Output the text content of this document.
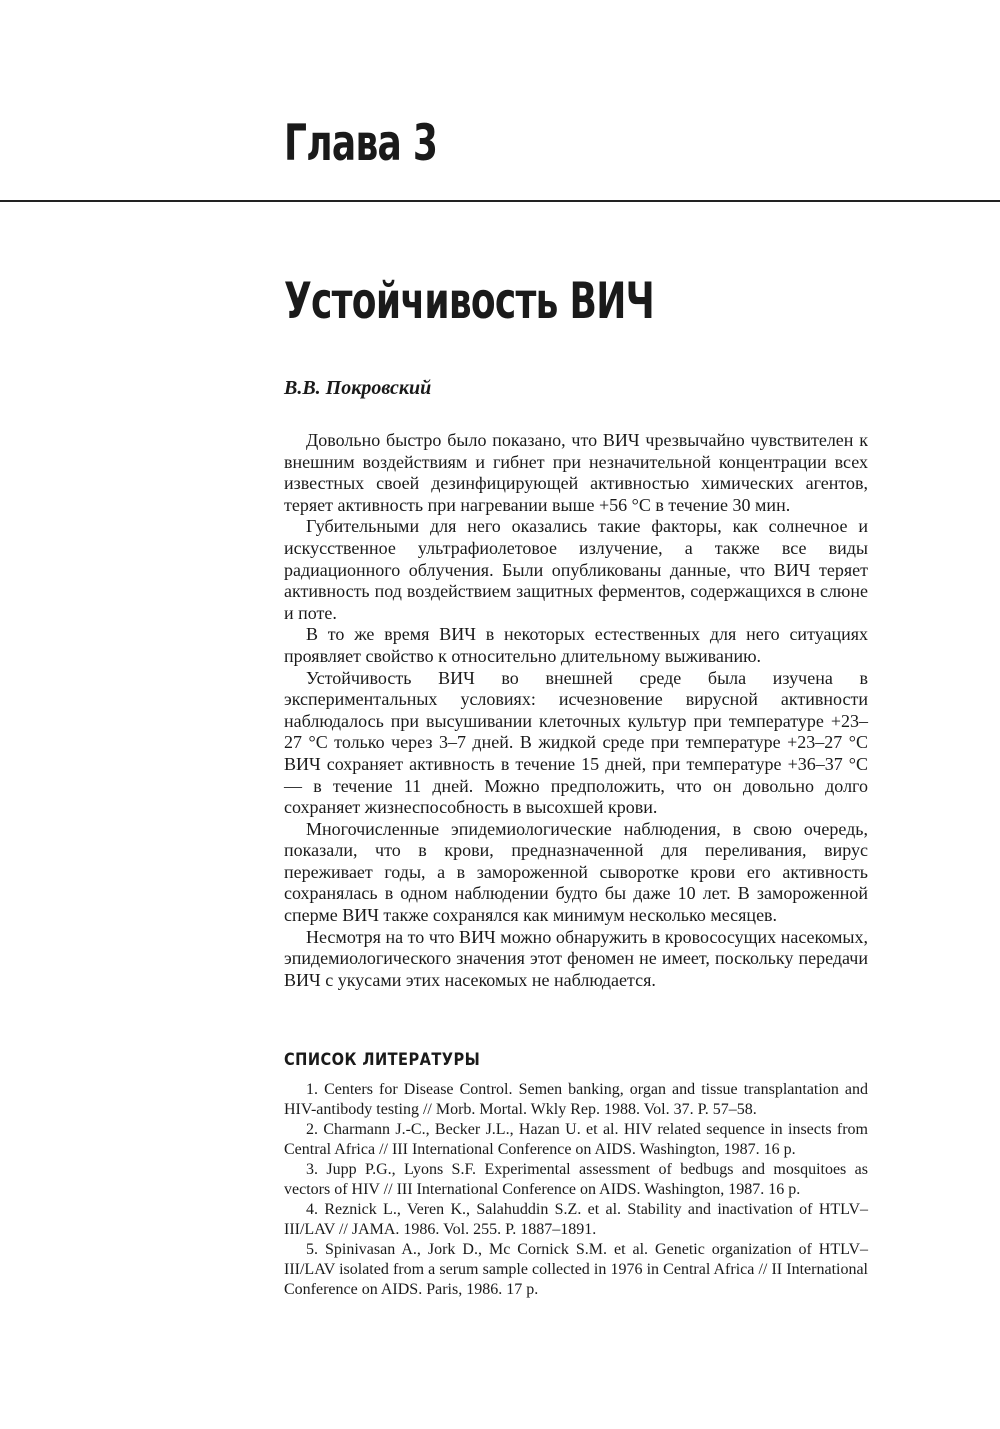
Глава 3
Устойчивость ВИЧ
В.В. Покровский

Довольно быстро было показано, что ВИЧ чрезвычайно чувствителен к внешним воздействиям и гибнет при незначительной концентрации всех известных своей дезинфицирующей активностью химических агентов, теряет активность при нагревании выше +56 °С в течение 30 мин.

Губительными для него оказались такие факторы, как солнечное и искусственное ультрафиолетовое излучение, а также все виды радиационного облучения. Были опубликованы данные, что ВИЧ теряет активность под воздействием защитных ферментов, содержащихся в слюне и поте.

В то же время ВИЧ в некоторых естественных для него ситуациях проявляет свойство к относительно длительному выживанию.

Устойчивость ВИЧ во внешней среде была изучена в экспериментальных условиях: исчезновение вирусной активности наблюдалось при высушивании клеточных культур при температуре +23–27 °С только через 3–7 дней. В жидкой среде при температуре +23–27 °С ВИЧ сохраняет активность в течение 15 дней, при температуре +36–37 °С — в течение 11 дней. Можно предположить, что он довольно долго сохраняет жизнеспособность в высохшей крови.

Многочисленные эпидемиологические наблюдения, в свою очередь, показали, что в крови, предназначенной для переливания, вирус переживает годы, а в замороженной сыворотке крови его активность сохранялась в одном наблюдении будто бы даже 10 лет. В замороженной сперме ВИЧ также сохранялся как минимум несколько месяцев.

Несмотря на то что ВИЧ можно обнаружить в кровососущих насекомых, эпидемиологического значения этот феномен не имеет, поскольку передачи ВИЧ с укусами этих насекомых не наблюдается.

СПИСОК ЛИТЕРАТУРЫ
1. Centers for Disease Control. Semen banking, organ and tissue transplantation and HIV-antibody testing // Morb. Mortal. Wkly Rep. 1988. Vol. 37. P. 57–58.
2. Charmann J.-C., Becker J.L., Hazan U. et al. HIV related sequence in insects from Central Africa // III International Conference on AIDS. Washington, 1987. 16 p.
3. Jupp P.G., Lyons S.F. Experimental assessment of bedbugs and mosquitoes as vectors of HIV // III International Conference on AIDS. Washington, 1987. 16 p.
4. Reznick L., Veren K., Salahuddin S.Z. et al. Stability and inactivation of HTLV–III/LAV // JAMA. 1986. Vol. 255. P. 1887–1891.
5. Spinivasan A., Jork D., Mc Cornick S.M. et al. Genetic organization of HTLV– III/LAV isolated from a serum sample collected in 1976 in Central Africa // II International Conference on AIDS. Paris, 1986. 17 p.
